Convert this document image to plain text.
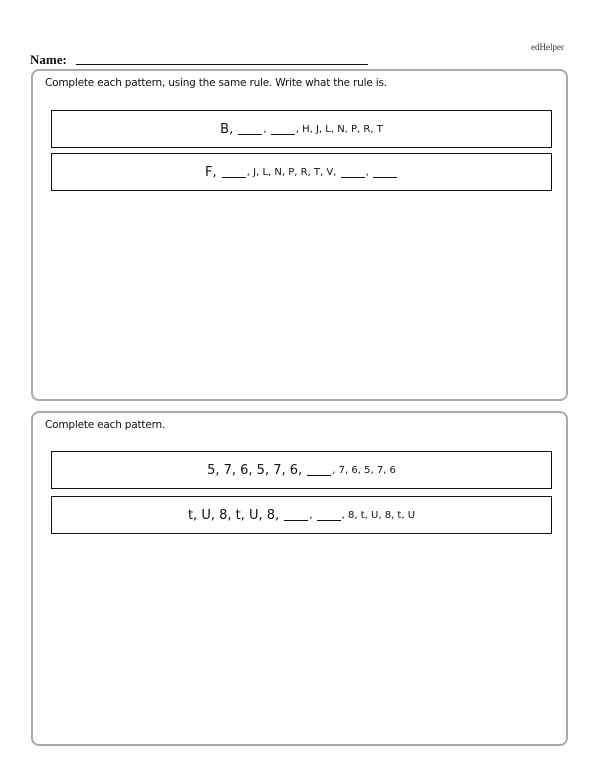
edHelper
Name:
Complete each pattern, using the same rule. Write what the rule is.
B,	,	, H, J, L, N, P, R, T
F,	, J, L, N, P, R, T, V,	,
Complete each pattern.
5, 7, 6, 5, 7, 6,	, 7, 6, 5, 7, 6
t, U, 8, t, U, 8,	,	, 8, t, U, 8, t, U
